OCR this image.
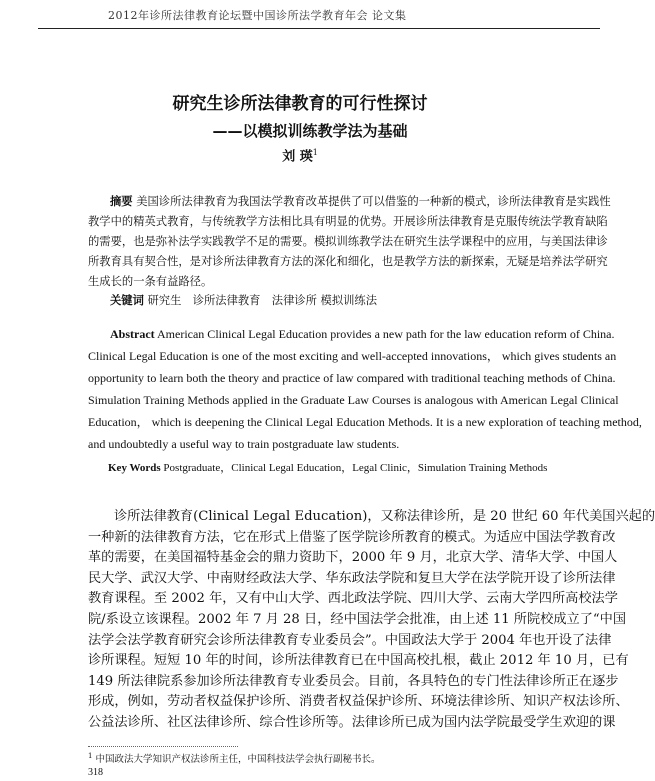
2012年诊所法律教育论坛暨中国诊所法学教育年会 论文集
研究生诊所法律教育的可行性探讨
——以模拟训练教学法为基础
刘 瑛$^1$
摘要 美国诊所法律教育为我国法学教育改革提供了可以借鉴的一种新的模式，诊所法律教育是实践性
教学中的精英式教育，与传统教学方法相比具有明显的优势。开展诊所法律教育是克服传统法学教育缺陷
的需要，也是弥补法学实践教学不足的需要。模拟训练教学法在研究生法学课程中的应用，与美国法律诊
所教育具有契合性，是对诊所法律教育方法的深化和细化，也是教学方法的新探索，无疑是培养法学研究
生成长的一条有益路径。
关键词 研究生　诊所法律教育　法律诊所 模拟训练法
Abstract American Clinical Legal Education provides a new path for the law education reform of China.
Clinical Legal Education is one of the most exciting and well-accepted innovations， which gives students an
opportunity to learn both the theory and practice of law compared with traditional teaching methods of China.
Simulation Training Methods applied in the Graduate Law Courses is analogous with American Legal Clinical
Education， which is deepening the Clinical Legal Education Methods. It is a new exploration of teaching method,
and undoubtedly a useful way to train postgraduate law students.
Key Words Postgraduate，Clinical Legal Education，Legal Clinic，Simulation Training Methods
诊所法律教育(Clinical Legal Education)，又称法律诊所，是 20 世纪 60 年代美国兴起的
一种新的法律教育方法，它在形式上借鉴了医学院诊所教育的模式。为适应中国法学教育改
革的需要，在美国福特基金会的鼎力资助下，2000 年 9 月，北京大学、清华大学、中国人
民大学、武汉大学、中南财经政法大学、华东政法学院和复旦大学在法学院开设了诊所法律
教育课程。至 2002 年，又有中山大学、西北政法学院、四川大学、云南大学四所高校法学
院/系设立该课程。2002 年 7 月 28 日，经中国法学会批准，由上述 11 所院校成立了“中国
法学会法学教育研究会诊所法律教育专业委员会”。中国政法大学于 2004 年也开设了法律
诊所课程。短短 10 年的时间，诊所法律教育已在中国高校扎根，截止 2012 年 10 月，已有
149 所法律院系参加诊所法律教育专业委员会。目前，各具特色的专门性法律诊所正在逐步
形成，例如，劳动者权益保护诊所、消费者权益保护诊所、环境法律诊所、知识产权法诊所、
公益法诊所、社区法律诊所、综合性诊所等。法律诊所已成为国内法学院最受学生欢迎的课
$^1$ 中国政法大学知识产权法诊所主任，中国科技法学会执行副秘书长。
318
